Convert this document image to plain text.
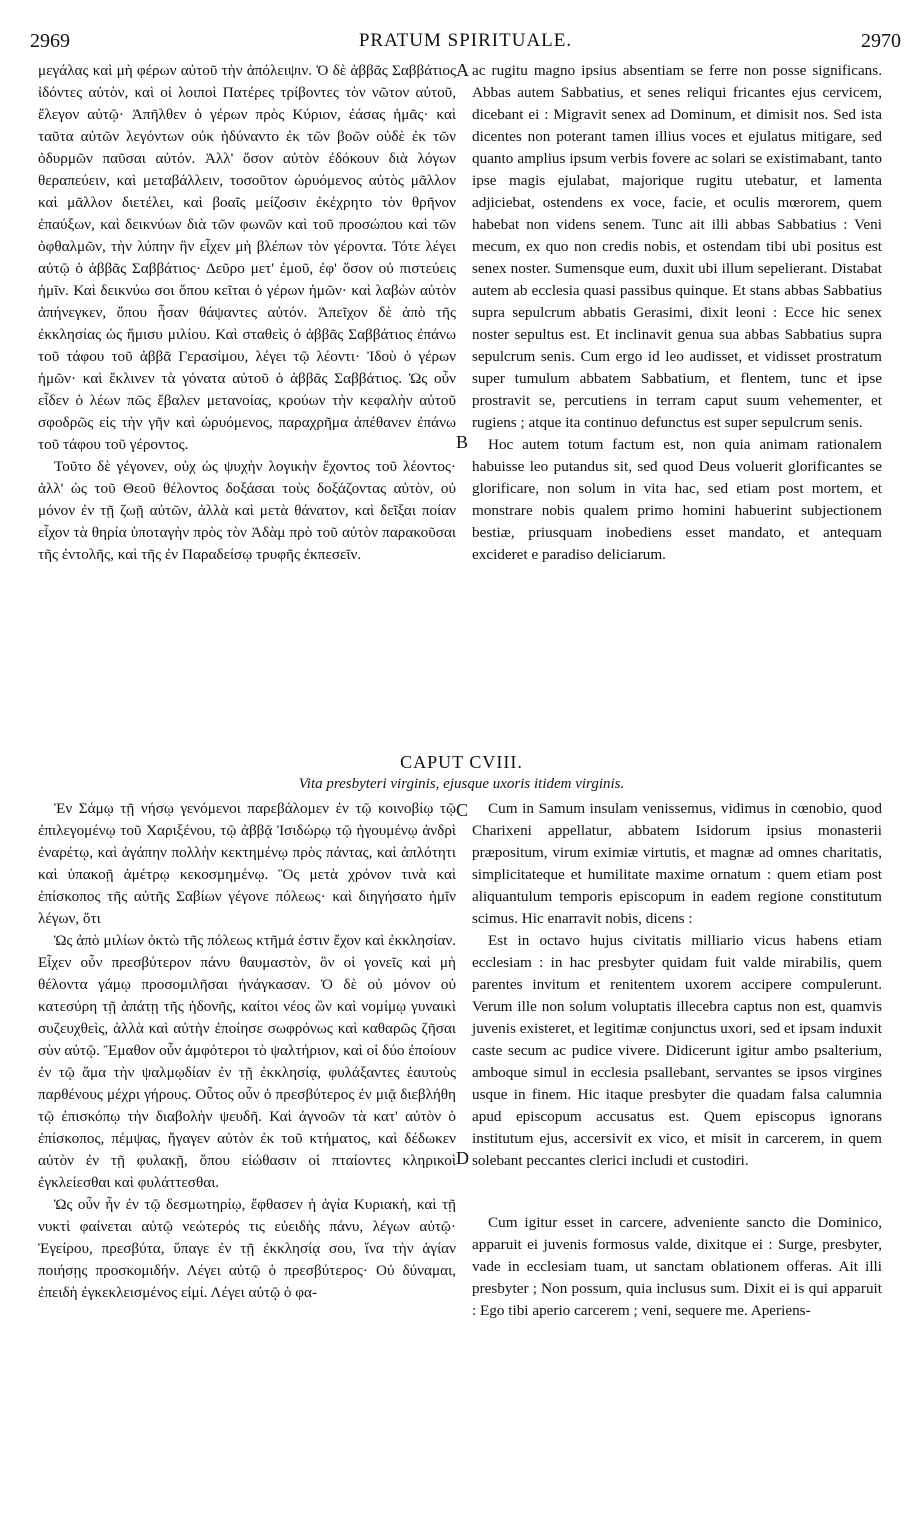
2969	PRATUM SPIRITUALE.	2970
A
B
C
D

μεγάλας καὶ μὴ φέρων αὐτοῦ τὴν ἀπόλειψιν. Ὁ δὲ ἀββᾶς Σαββάτιος ἰδόντες αὐτὸν, καὶ οἱ λοιποὶ Πατέρες τρίβοντες τὸν νῶτον αὐτοῦ, ἔλεγον αὐτῷ· Ἀπῆλθεν ὁ γέρων πρὸς Κύριον, ἐάσας ἡμᾶς· καὶ ταῦτα αὐτῶν λεγόντων οὐκ ἠδύναντο ἐκ τῶν βοῶν οὐδὲ ἐκ τῶν ὀδυρμῶν παῦσαι αὐτόν. Ἀλλ' ὅσον αὐτὸν ἐδόκουν διὰ λόγων θεραπεύειν, καὶ μεταβάλλειν, τοσοῦτον ὠρυόμενος αὐτὸς μᾶλλον καὶ μᾶλλον διετέλει, καὶ βοαῖς μείζοσιν ἐκέχρητο τὸν θρῆνον ἐπαύξων, καὶ δεικνύων διὰ τῶν φωνῶν καὶ τοῦ προσώπου καὶ τῶν ὀφθαλμῶν, τὴν λύπην ἣν εἶχεν μὴ βλέπων τὸν γέροντα. Τότε λέγει αὐτῷ ὁ ἀββᾶς Σαββάτιος· Δεῦρο μετ' ἐμοῦ, ἐφ' ὅσον οὐ πιστεύεις ἡμῖν. Καὶ δεικνύω σοι ὅπου κεῖται ὁ γέρων ἡμῶν· καὶ λαβὼν αὐτὸν ἀπήνεγκεν, ὅπου ἦσαν θάψαντες αὐτόν. Ἀπεῖχον δὲ ἀπὸ τῆς ἐκκλησίας ὡς ἥμισυ μιλίου. Καὶ σταθεὶς ὁ ἀββᾶς Σαββάτιος ἐπάνω τοῦ τάφου τοῦ ἀββᾶ Γερασίμου, λέγει τῷ λέοντι· Ἰδοὺ ὁ γέρων ἡμῶν· καὶ ἔκλινεν τὰ γόνατα αὐτοῦ ὁ ἀββᾶς Σαββάτιος. Ὡς οὖν εἶδεν ὁ λέων πῶς ἔβαλεν μετανοίας, κρούων τὴν κεφαλὴν αὐτοῦ σφοδρῶς εἰς τὴν γῆν καὶ ὠρυόμενος, παραχρῆμα ἀπέθανεν ἐπάνω τοῦ τάφου τοῦ γέροντος.

Τοῦτο δὲ γέγονεν, οὐχ ὡς ψυχὴν λογικὴν ἔχοντος τοῦ λέοντος· ἀλλ' ὡς τοῦ Θεοῦ θέλοντος δοξάσαι τοὺς δοξάζοντας αὐτὸν, οὐ μόνον ἐν τῇ ζωῇ αὐτῶν, ἀλλὰ καὶ μετὰ θάνατον, καὶ δεῖξαι ποίαν εἶχον τὰ θηρία ὑποταγὴν πρὸς τὸν Ἀδὰμ πρὸ τοῦ αὐτὸν παρακοῦσαι τῆς ἐντολῆς, καὶ τῆς ἐν Παραδείσῳ τρυφῆς ἐκπεσεῖν.

ac rugitu magno ipsius absentiam se ferre non posse significans. Abbas autem Sabbatius, et senes reliqui fricantes ejus cervicem, dicebant ei : Migravit senex ad Dominum, et dimisit nos. Sed ista dicentes non poterant tamen illius voces et ejulatus mitigare, sed quanto amplius ipsum verbis fovere ac solari se existimabant, tanto ipse magis ejulabat, majorique rugitu utebatur, et lamenta adjiciebat, ostendens ex voce, facie, et oculis mœrorem, quem habebat non videns senem. Tunc ait illi abbas Sabbatius : Veni mecum, ex quo non credis nobis, et ostendam tibi ubi positus est senex noster. Sumensque eum, duxit ubi illum sepelierant. Distabat autem ab ecclesia quasi passibus quinque. Et stans abbas Sabbatius supra sepulcrum abbatis Gerasimi, dixit leoni : Ecce hic senex noster sepultus est. Et inclinavit genua sua abbas Sabbatius supra sepulcrum senis. Cum ergo id leo audisset, et vidisset prostratum super tumulum abbatem Sabbatium, et flentem, tunc et ipse prostravit se, percutiens in terram caput suum vehementer, et rugiens ; atque ita continuo defunctus est super sepulcrum senis.

Hoc autem totum factum est, non quia animam rationalem habuisse leo putandus sit, sed quod Deus voluerit glorificantes se glorificare, non solum in vita hac, sed etiam post mortem, et monstrare nobis qualem primo homini habuerint subjectionem bestiæ, priusquam inobediens esset mandato, et antequam excideret e paradiso deliciarum.

CAPUT CVIII.
Vita presbyteri virginis, ejusque uxoris itidem virginis.

Ἐν Σάμῳ τῇ νήσῳ γενόμενοι παρεβάλομεν ἐν τῷ κοινοβίῳ τῷ ἐπιλεγομένῳ τοῦ Χαριξένου, τῷ ἀββᾷ Ἰσιδώρῳ τῷ ἡγουμένῳ ἀνδρὶ ἐναρέτῳ, καὶ ἀγάπην πολλὴν κεκτημένῳ πρὸς πάντας, καὶ ἁπλότητι καὶ ὑπακοῇ ἀμέτρῳ κεκοσμημένῳ. Ὃς μετὰ χρόνον τινὰ καὶ ἐπίσκοπος τῆς αὐτῆς Σαβίων γέγονε πόλεως· καὶ διηγήσατο ἡμῖν λέγων, ὅτι

Ὡς ἀπὸ μιλίων ὀκτὼ τῆς πόλεως κτῆμά ἐστιν ἔχον καὶ ἐκκλησίαν. Εἶχεν οὖν πρεσβύτερον πάνυ θαυμαστὸν, ὃν οἱ γονεῖς καὶ μὴ θέλοντα γάμῳ προσομιλῆσαι ἠνάγκασαν. Ὁ δὲ οὐ μόνον οὐ κατεσύρη τῇ ἀπάτῃ τῆς ἡδονῆς, καίτοι νέος ὢν καὶ νομίμῳ γυναικὶ συζευχθεὶς, ἀλλὰ καὶ αὐτὴν ἐποίησε σωφρόνως καὶ καθαρῶς ζῆσαι σὺν αὐτῷ. Ἔμαθον οὖν ἀμφότεροι τὸ ψαλτήριον, καὶ οἱ δύο ἐποίουν ἐν τῷ ἅμα τὴν ψαλμῳδίαν ἐν τῇ ἐκκλησίᾳ, φυλάξαντες ἑαυτοὺς παρθένους μέχρι γήρους. Οὗτος οὖν ὁ πρεσβύτερος ἐν μιᾷ διεβλήθη τῷ ἐπισκόπῳ τὴν διαβολὴν ψευδῆ. Καὶ ἀγνοῶν τὰ κατ' αὐτὸν ὁ ἐπίσκοπος, πέμψας, ἤγαγεν αὐτὸν ἐκ τοῦ κτήματος, καὶ δέδωκεν αὐτὸν ἐν τῇ φυλακῇ, ὅπου εἰώθασιν οἱ πταίοντες κληρικοὶ ἐγκλείεσθαι καὶ φυλάττεσθαι.

Ὡς οὖν ἦν ἐν τῷ δεσμωτηρίῳ, ἔφθασεν ἡ ἁγία Κυριακὴ, καὶ τῇ νυκτὶ φαίνεται αὐτῷ νεώτερός τις εὐειδὴς πάνυ, λέγων αὐτῷ· Ἐγείρου, πρεσβύτα, ὕπαγε ἐν τῇ ἐκκλησίᾳ σου, ἵνα τὴν ἁγίαν ποιήσῃς προσκομιδήν. Λέγει αὐτῷ ὁ πρεσβύτερος· Οὐ δύναμαι, ἐπειδὴ ἐγκεκλεισμένος εἰμί. Λέγει αὐτῷ ὁ φα-

Cum in Samum insulam venissemus, vidimus in cœnobio, quod Charixeni appellatur, abbatem Isidorum ipsius monasterii præpositum, virum eximiæ virtutis, et magnæ ad omnes charitatis, simplicitateque et humilitate maxime ornatum : quem etiam post aliquantulum temporis episcopum in eadem regione constitutum scimus. Hic enarravit nobis, dicens :

Est in octavo hujus civitatis milliario vicus habens etiam ecclesiam : in hac presbyter quidam fuit valde mirabilis, quem parentes invitum et renitentem uxorem accipere compulerunt. Verum ille non solum voluptatis illecebra captus non est, quamvis juvenis existeret, et legitimæ conjunctus uxori, sed et ipsam induxit caste secum ac pudice vivere. Didicerunt igitur ambo psalterium, amboque simul in ecclesia psallebant, servantes se ipsos virgines usque in finem. Hic itaque presbyter die quadam falsa calumnia apud episcopum accusatus est. Quem episcopus ignorans institutum ejus, accersivit ex vico, et misit in carcerem, in quem solebant peccantes clerici includi et custodiri.

Cum igitur esset in carcere, adveniente sancto die Dominico, apparuit ei juvenis formosus valde, dixitque ei : Surge, presbyter, vade in ecclesiam tuam, ut sanctam oblationem offeras. Ait illi presbyter ; Non possum, quia inclusus sum. Dixit ei is qui apparuit : Ego tibi aperio carcerem ; veni, sequere me. Aperiens-
